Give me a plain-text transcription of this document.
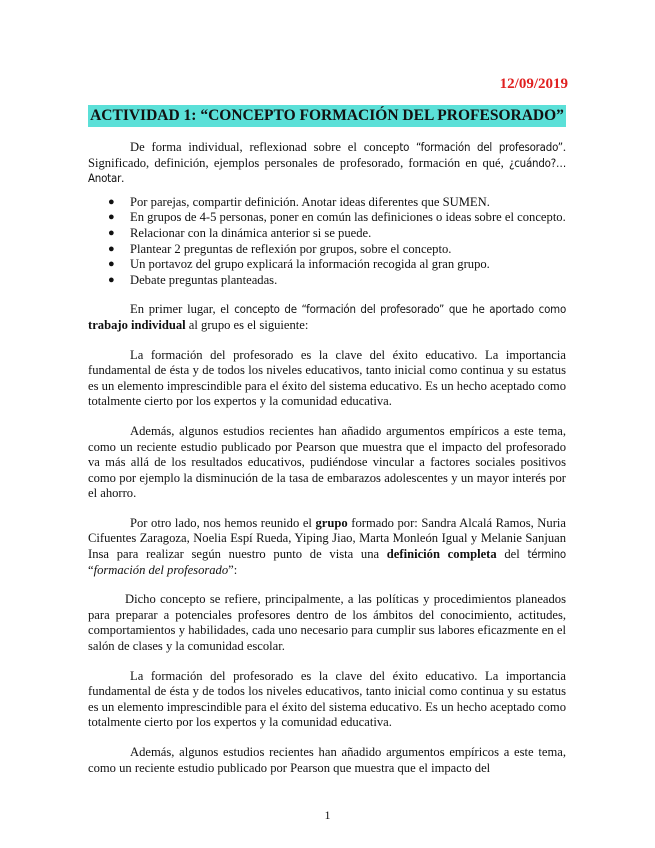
12/09/2019
ACTIVIDAD 1: “CONCEPTO FORMACIÓN DEL PROFESORADO”

De forma individual, reflexionad sobre el concepto “formación del profesorado”. Significado, definición, ejemplos personales de profesorado, formación en qué, ¿cuándo?… Anotar.

● Por parejas, compartir definición. Anotar ideas diferentes que SUMEN.
● En grupos de 4-5 personas, poner en común las definiciones o ideas sobre el concepto.
● Relacionar con la dinámica anterior si se puede.
● Plantear 2 preguntas de reflexión por grupos, sobre el concepto.
● Un portavoz del grupo explicará la información recogida al gran grupo.
● Debate preguntas planteadas.

En primer lugar, el concepto de “formación del profesorado” que he aportado como trabajo individual al grupo es el siguiente:

La formación del profesorado es la clave del éxito educativo. La importancia fundamental de ésta y de todos los niveles educativos, tanto inicial como continua y su estatus es un elemento imprescindible para el éxito del sistema educativo. Es un hecho aceptado como totalmente cierto por los expertos y la comunidad educativa.

Además, algunos estudios recientes han añadido argumentos empíricos a este tema, como un reciente estudio publicado por Pearson que muestra que el impacto del profesorado va más allá de los resultados educativos, pudiéndose vincular a factores sociales positivos como por ejemplo la disminución de la tasa de embarazos adolescentes y un mayor interés por el ahorro.

Por otro lado, nos hemos reunido el grupo formado por: Sandra Alcalá Ramos, Nuria Cifuentes Zaragoza, Noelia Espí Rueda, Yiping Jiao, Marta Monleón Igual y Melanie Sanjuan Insa para realizar según nuestro punto de vista una definición completa del término “formación del profesorado”:

Dicho concepto se refiere, principalmente, a las políticas y procedimientos planeados para preparar a potenciales profesores dentro de los ámbitos del conocimiento, actitudes, comportamientos y habilidades, cada uno necesario para cumplir sus labores eficazmente en el salón de clases y la comunidad escolar.

La formación del profesorado es la clave del éxito educativo. La importancia fundamental de ésta y de todos los niveles educativos, tanto inicial como continua y su estatus es un elemento imprescindible para el éxito del sistema educativo. Es un hecho aceptado como totalmente cierto por los expertos y la comunidad educativa.

Además, algunos estudios recientes han añadido argumentos empíricos a este tema, como un reciente estudio publicado por Pearson que muestra que el impacto del

1
